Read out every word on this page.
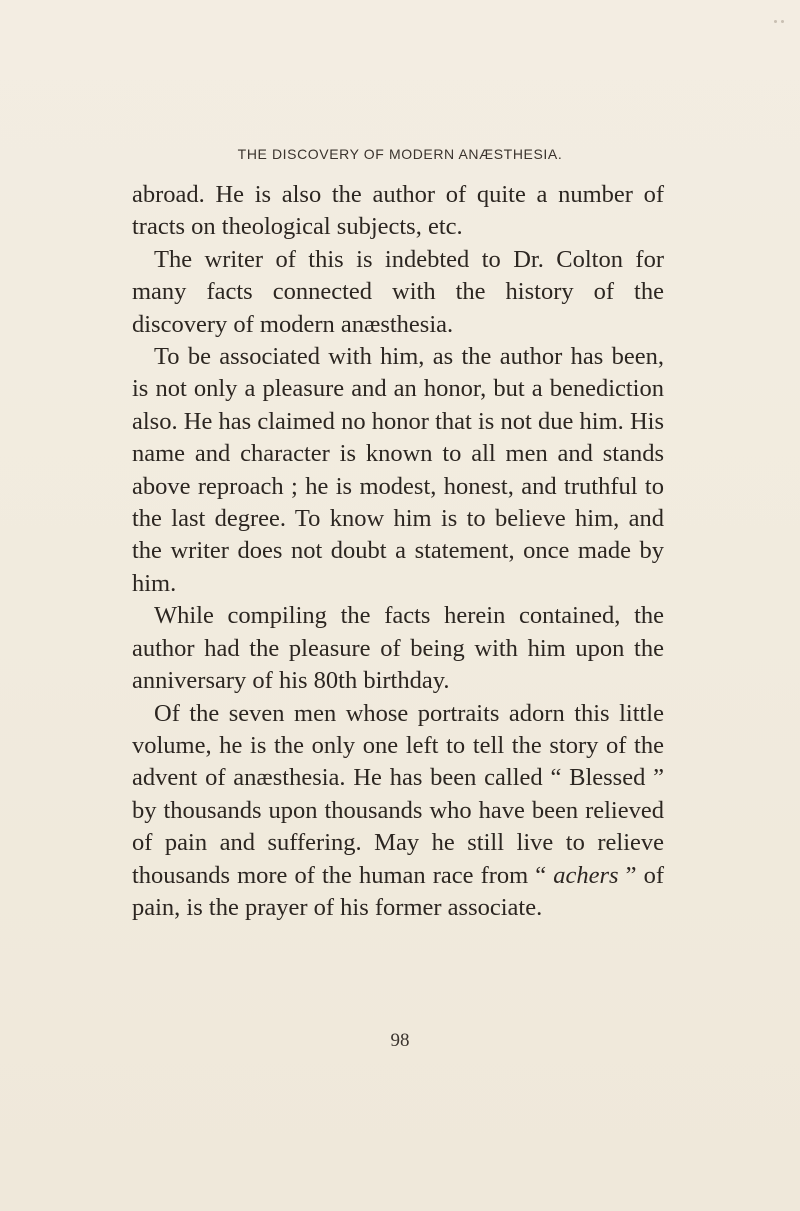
THE DISCOVERY OF MODERN ANÆSTHESIA.

abroad. He is also the author of quite a number of tracts on theological subjects, etc.

The writer of this is indebted to Dr. Colton for many facts connected with the history of the discovery of modern anæsthesia.

To be associated with him, as the author has been, is not only a pleasure and an honor, but a benediction also. He has claimed no honor that is not due him. His name and character is known to all men and stands above reproach ; he is modest, honest, and truthful to the last degree. To know him is to believe him, and the writer does not doubt a statement, once made by him.

While compiling the facts herein contained, the author had the pleasure of being with him upon the anniversary of his 80th birthday.

Of the seven men whose portraits adorn this little volume, he is the only one left to tell the story of the advent of anæsthesia. He has been called “ Blessed ” by thousands upon thousands who have been relieved of pain and suffering. May he still live to relieve thousands more of the human race from “ achers ” of pain, is the prayer of his former associate.

98
